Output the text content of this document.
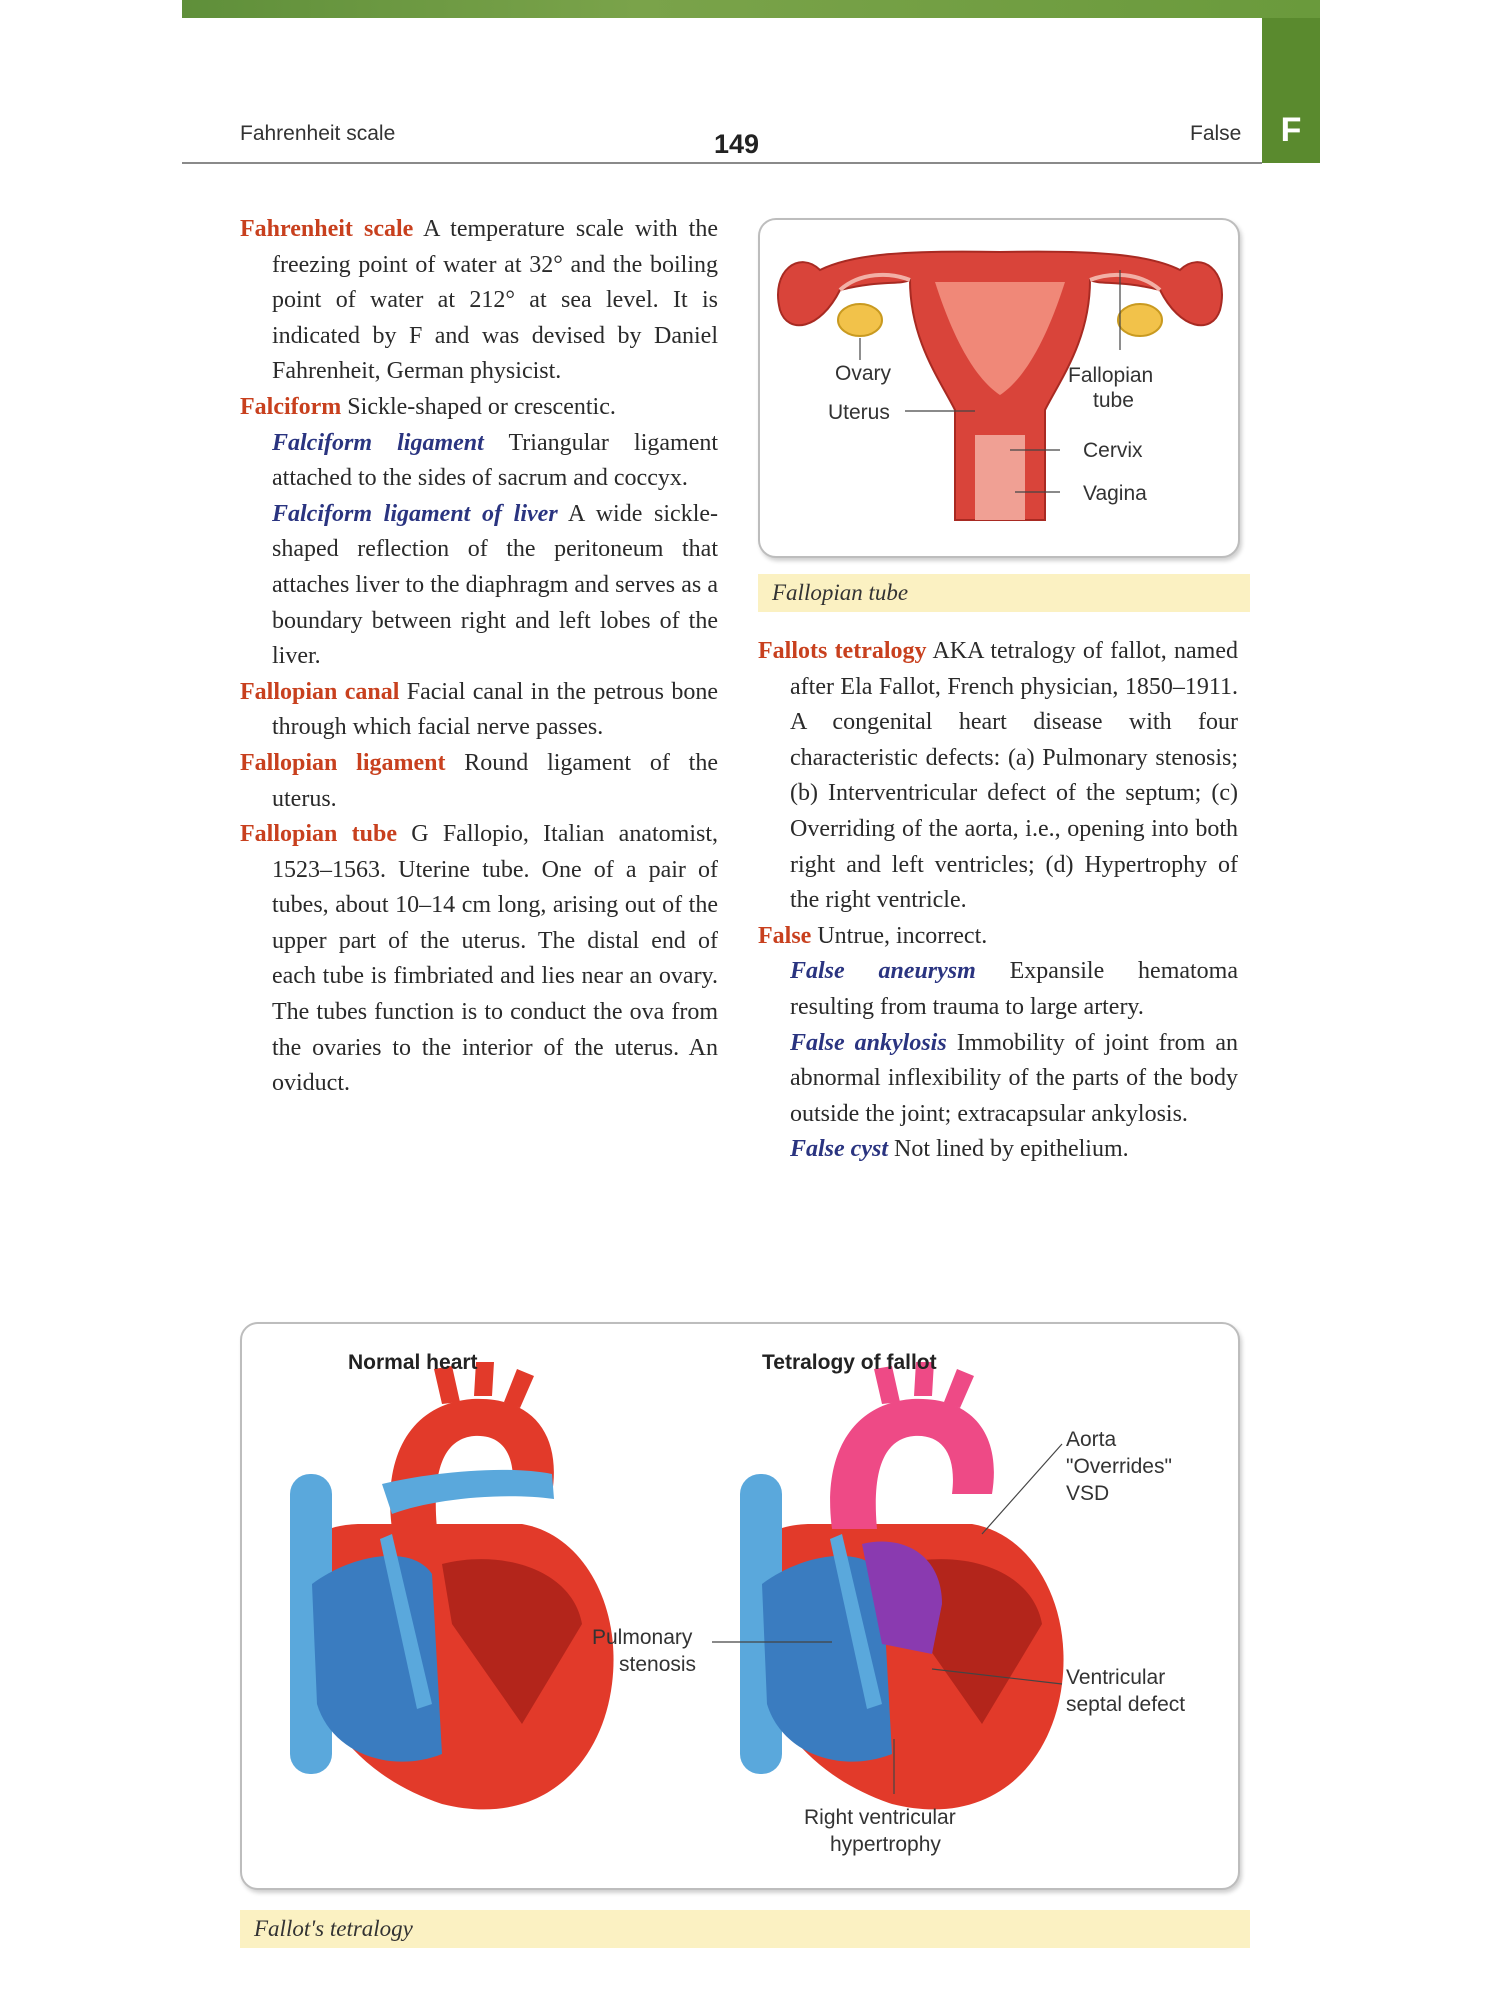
F
Fahrenheit scale	149	False

Fahrenheit scale A temperature scale with the freezing point of water at 32° and the boiling point of water at 212° at sea level. It is indicated by F and was devised by Daniel Fahrenheit, German physicist.

Falciform Sickle-shaped or crescentic.

Falciform ligament Triangular ligament attached to the sides of sacrum and coccyx.

Falciform ligament of liver A wide sickle-shaped reflection of the peritoneum that attaches liver to the diaphragm and serves as a boundary between right and left lobes of the liver.

Fallopian canal Facial canal in the petrous bone through which facial nerve passes.

Fallopian ligament Round ligament of the uterus.

Fallopian tube G Fallopio, Italian anatomist, 1523–1563. Uterine tube. One of a pair of tubes, about 10–14 cm long, arising out of the upper part of the uterus. The distal end of each tube is fimbriated and lies near an ovary. The tubes function is to conduct the ova from the ovaries to the interior of the uterus. An oviduct.

Ovary
Uterus
Fallopian
tube
Cervix
Vagina
Fallopian tube

Fallots tetralogy AKA tetralogy of fallot, named after Ela Fallot, French physician, 1850–1911. A congenital heart disease with four characteristic defects: (a) Pulmonary stenosis; (b) Interventricular defect of the septum; (c) Overriding of the aorta, i.e., opening into both right and left ventricles; (d) Hypertrophy of the right ventricle.

False Untrue, incorrect.

False aneurysm Expansile hematoma resulting from trauma to large artery.

False ankylosis Immobility of joint from an abnormal inflexibility of the parts of the body outside the joint; extracapsular ankylosis.

False cyst Not lined by epithelium.

Normal heart	Tetralogy of fallot
Pulmonary
stenosis
Aorta
"Overrides"
VSD
Ventricular
septal defect
Right ventricular
hypertrophy
Fallot's tetralogy
